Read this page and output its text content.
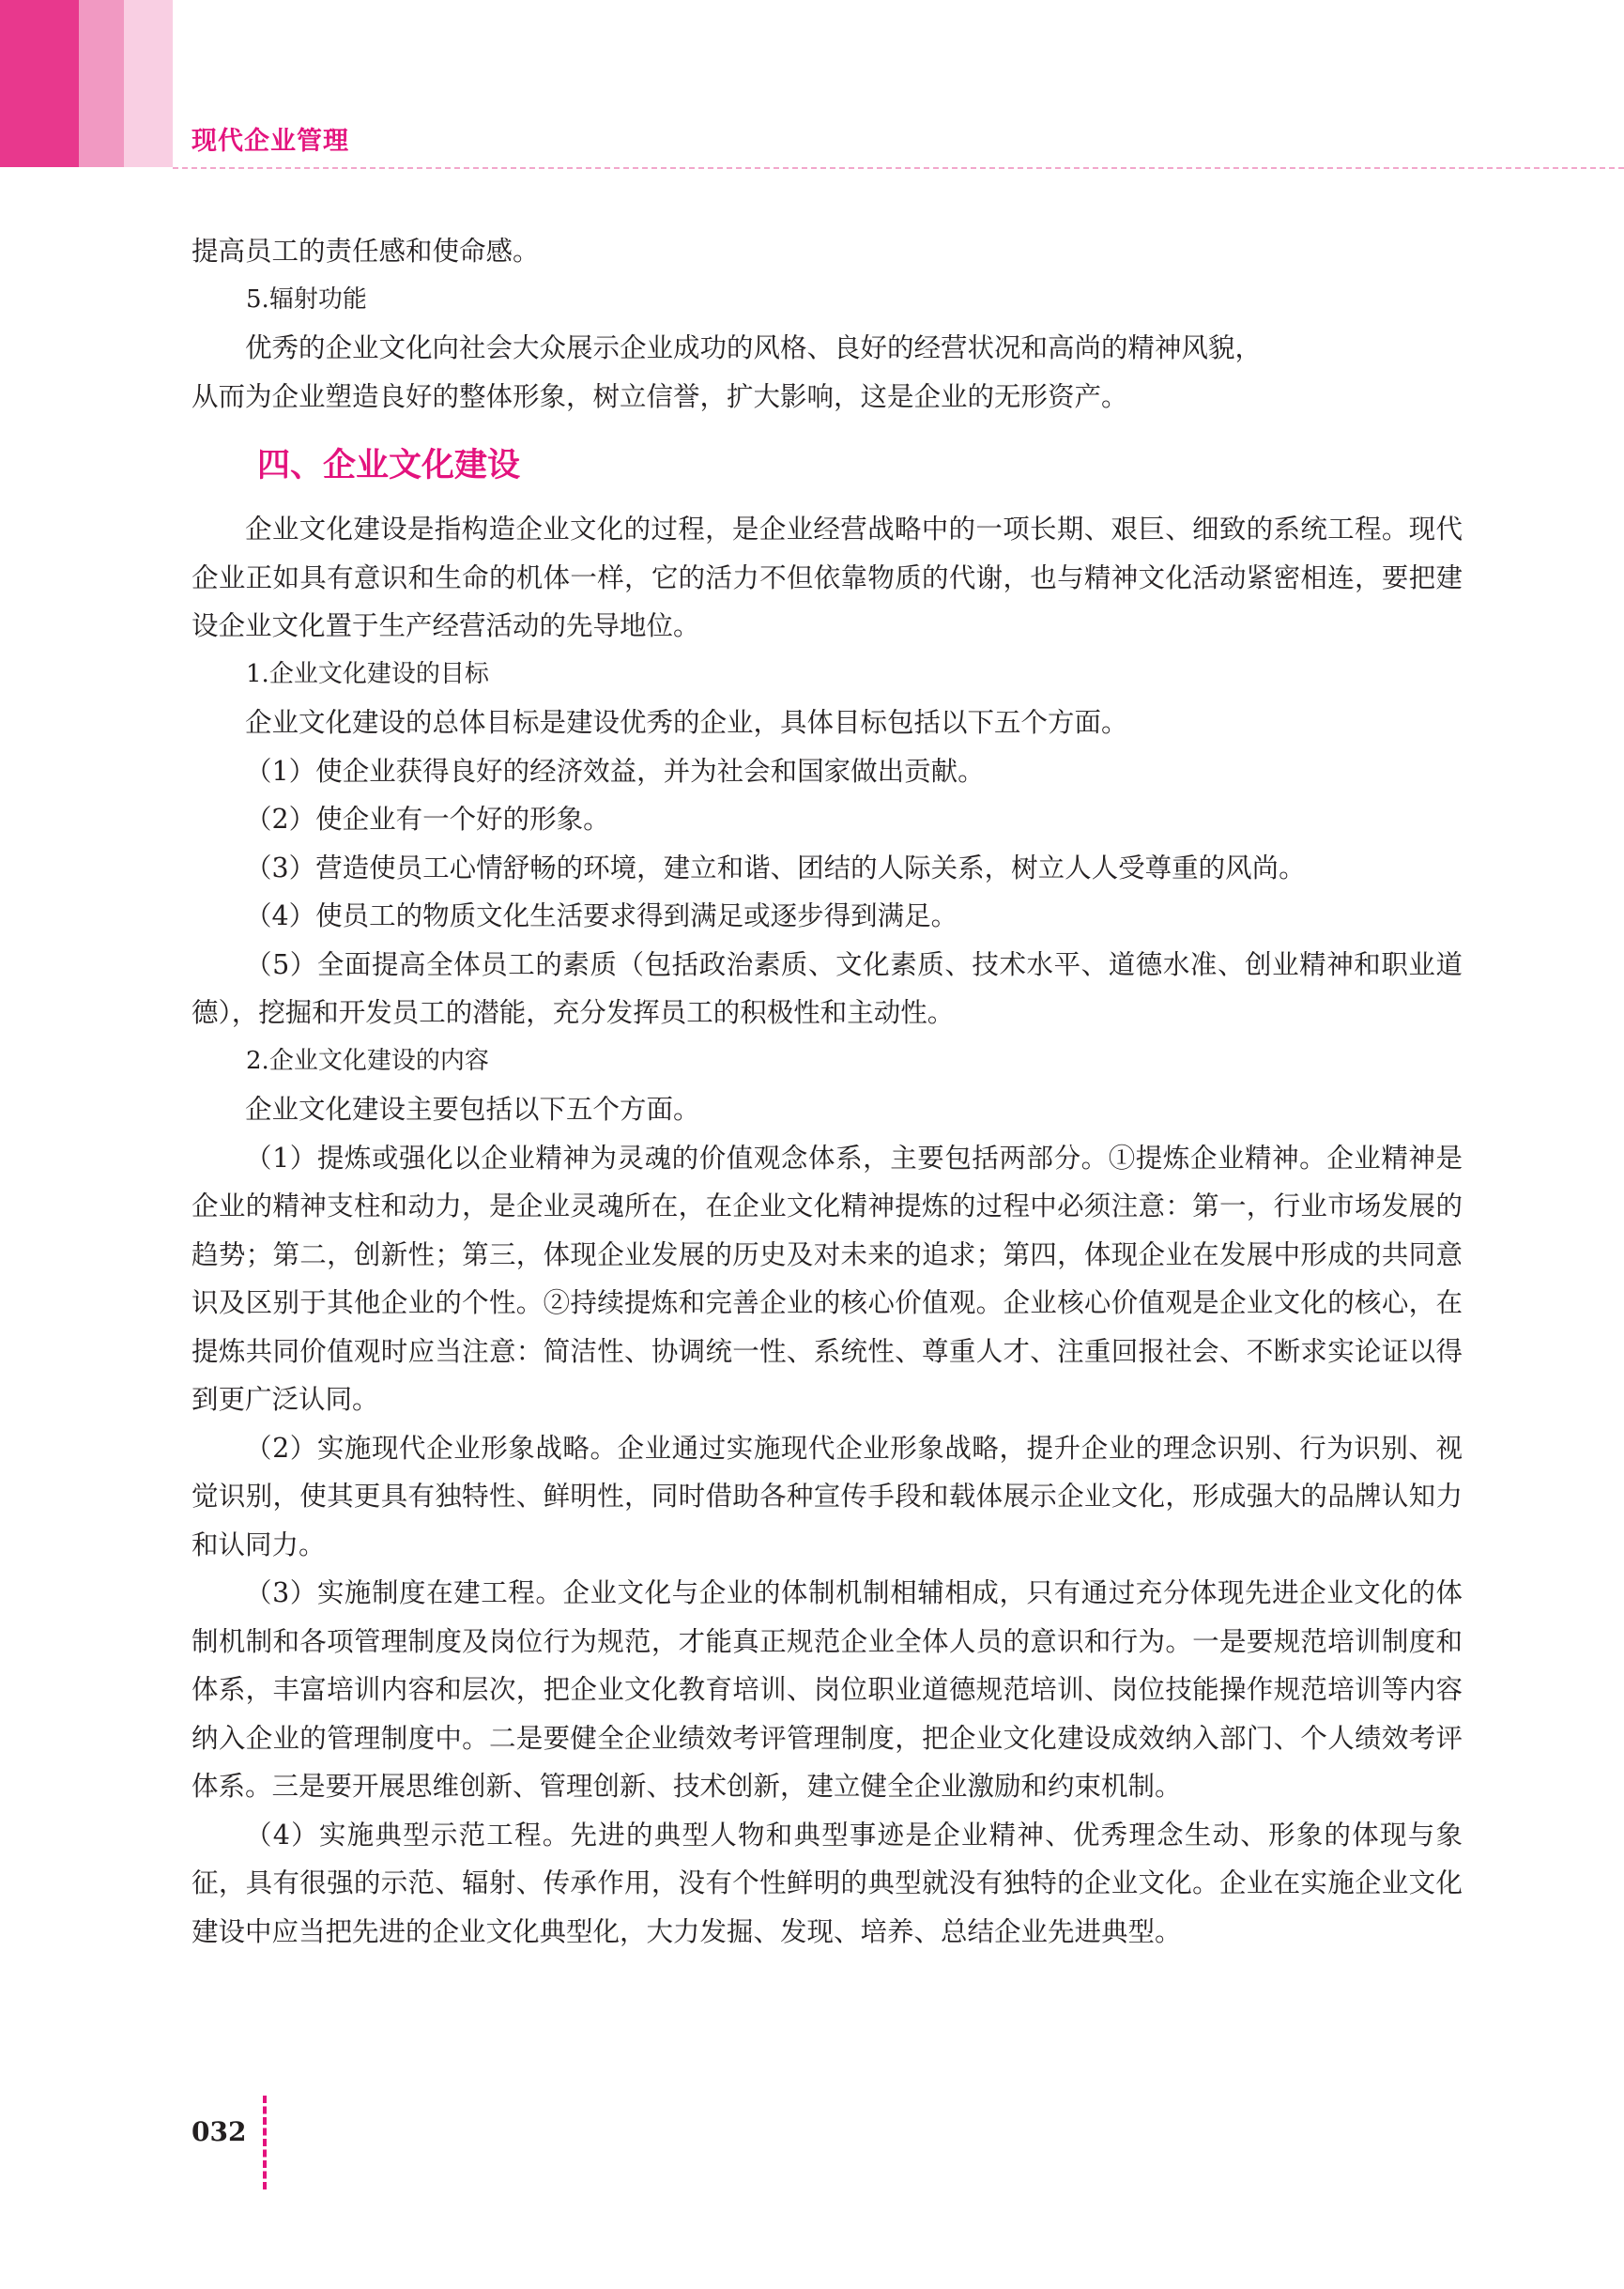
现代企业管理

提高员工的责任感和使命感。

5.辐射功能

优秀的企业文化向社会大众展示企业成功的风格、良好的经营状况和高尚的精神风貌，

从而为企业塑造良好的整体形象，树立信誉，扩大影响，这是企业的无形资产。

四、企业文化建设

企业文化建设是指构造企业文化的过程，是企业经营战略中的一项长期、艰巨、细致的系统工程。现代企业正如具有意识和生命的机体一样，它的活力不但依靠物质的代谢，也与精神文化活动紧密相连，要把建设企业文化置于生产经营活动的先导地位。

1.企业文化建设的目标

企业文化建设的总体目标是建设优秀的企业，具体目标包括以下五个方面。

（1）使企业获得良好的经济效益，并为社会和国家做出贡献。

（2）使企业有一个好的形象。

（3）营造使员工心情舒畅的环境，建立和谐、团结的人际关系，树立人人受尊重的风尚。

（4）使员工的物质文化生活要求得到满足或逐步得到满足。

（5）全面提高全体员工的素质（包括政治素质、文化素质、技术水平、道德水准、创业精神和职业道德），挖掘和开发员工的潜能，充分发挥员工的积极性和主动性。

2.企业文化建设的内容

企业文化建设主要包括以下五个方面。

（1）提炼或强化以企业精神为灵魂的价值观念体系，主要包括两部分。①提炼企业精神。企业精神是企业的精神支柱和动力，是企业灵魂所在，在企业文化精神提炼的过程中必须注意：第一，行业市场发展的趋势；第二，创新性；第三，体现企业发展的历史及对未来的追求；第四，体现企业在发展中形成的共同意识及区别于其他企业的个性。②持续提炼和完善企业的核心价值观。企业核心价值观是企业文化的核心，在提炼共同价值观时应当注意：简洁性、协调统一性、系统性、尊重人才、注重回报社会、不断求实论证以得到更广泛认同。

（2）实施现代企业形象战略。企业通过实施现代企业形象战略，提升企业的理念识别、行为识别、视觉识别，使其更具有独特性、鲜明性，同时借助各种宣传手段和载体展示企业文化，形成强大的品牌认知力和认同力。

（3）实施制度在建工程。企业文化与企业的体制机制相辅相成，只有通过充分体现先进企业文化的体制机制和各项管理制度及岗位行为规范，才能真正规范企业全体人员的意识和行为。一是要规范培训制度和体系，丰富培训内容和层次，把企业文化教育培训、岗位职业道德规范培训、岗位技能操作规范培训等内容纳入企业的管理制度中。二是要健全企业绩效考评管理制度，把企业文化建设成效纳入部门、个人绩效考评体系。三是要开展思维创新、管理创新、技术创新，建立健全企业激励和约束机制。

（4）实施典型示范工程。先进的典型人物和典型事迹是企业精神、优秀理念生动、形象的体现与象征，具有很强的示范、辐射、传承作用，没有个性鲜明的典型就没有独特的企业文化。企业在实施企业文化建设中应当把先进的企业文化典型化，大力发掘、发现、培养、总结企业先进典型。

032
